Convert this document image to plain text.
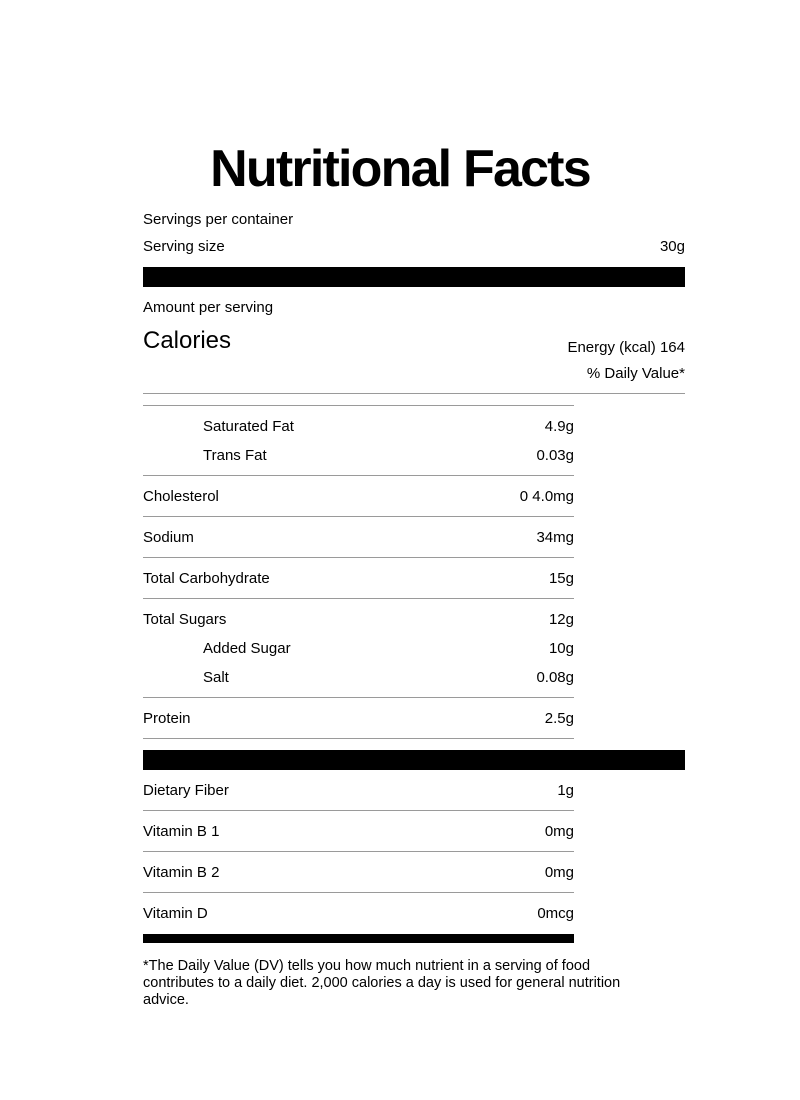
Nutritional Facts
Servings per container
Serving size	30g
Amount per serving
Calories	Energy (kcal) 164
% Daily Value*
Saturated Fat	4.9g
Trans Fat	0.03g
Cholesterol	0 4.0mg
Sodium	34mg
Total Carbohydrate	15g
Total Sugars	12g
Added Sugar	10g
Salt	0.08g
Protein	2.5g
Dietary Fiber	1g
Vitamin B 1	0mg
Vitamin B 2	0mg
Vitamin D	0mcg
*The Daily Value (DV) tells you how much nutrient in a serving of food contributes to a daily diet. 2,000 calories a day is used for general nutrition advice.
